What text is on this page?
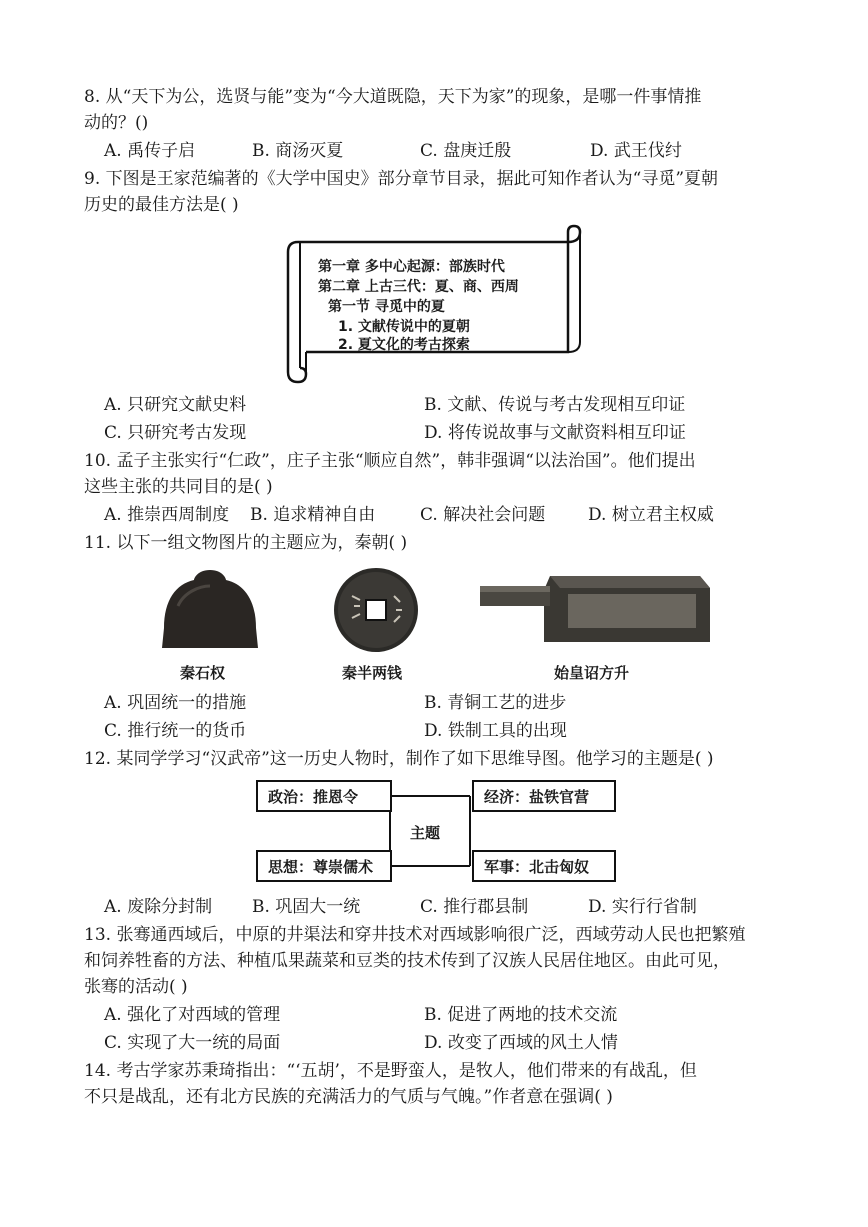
8. 从“天下为公，选贤与能”变为“今大道既隐，天下为家”的现象，是哪一件事情推
动的？()
A. 禹传子启	B. 商汤灭夏	C. 盘庚迁殷	D. 武王伐纣
9. 下图是王家范编著的《大学中国史》部分章节目录，据此可知作者认为“寻觅”夏朝
历史的最佳方法是( )
第一章 多中心起源：部族时代
第二章 上古三代：夏、商、西周
第一节 寻觅中的夏
1. 文献传说中的夏朝
2. 夏文化的考古探索
A. 只研究文献史料	B. 文献、传说与考古发现相互印证
C. 只研究考古发现	D. 将传说故事与文献资料相互印证
10. 孟子主张实行“仁政”，庄子主张“顺应自然”，韩非强调“以法治国”。他们提出
这些主张的共同目的是( )
A. 推崇西周制度 B. 追求精神自由	C. 解决社会问题	D. 树立君主权威
11. 以下一组文物图片的主题应为，秦朝( )
秦石权	秦半两钱	始皇诏方升
A. 巩固统一的措施	B. 青铜工艺的进步
C. 推行统一的货币	D. 铁制工具的出现
12. 某同学学习“汉武帝”这一历史人物时，制作了如下思维导图。他学习的主题是( )
政治：推恩令	经济：盐铁官营
主题
思想：尊崇儒术	军事：北击匈奴
A. 废除分封制 B. 巩固大一统	C. 推行郡县制	D. 实行行省制
13. 张骞通西域后，中原的井渠法和穿井技术对西域影响很广泛，西域劳动人民也把繁殖
和饲养牲畜的方法、种植瓜果蔬菜和豆类的技术传到了汉族人民居住地区。由此可见，
张骞的活动( )
A. 强化了对西域的管理	B. 促进了两地的技术交流
C. 实现了大一统的局面	D. 改变了西域的风土人情
14. 考古学家苏秉琦指出：“‘五胡’，不是野蛮人，是牧人，他们带来的有战乱，但
不只是战乱，还有北方民族的充满活力的气质与气魄。”作者意在强调( )
